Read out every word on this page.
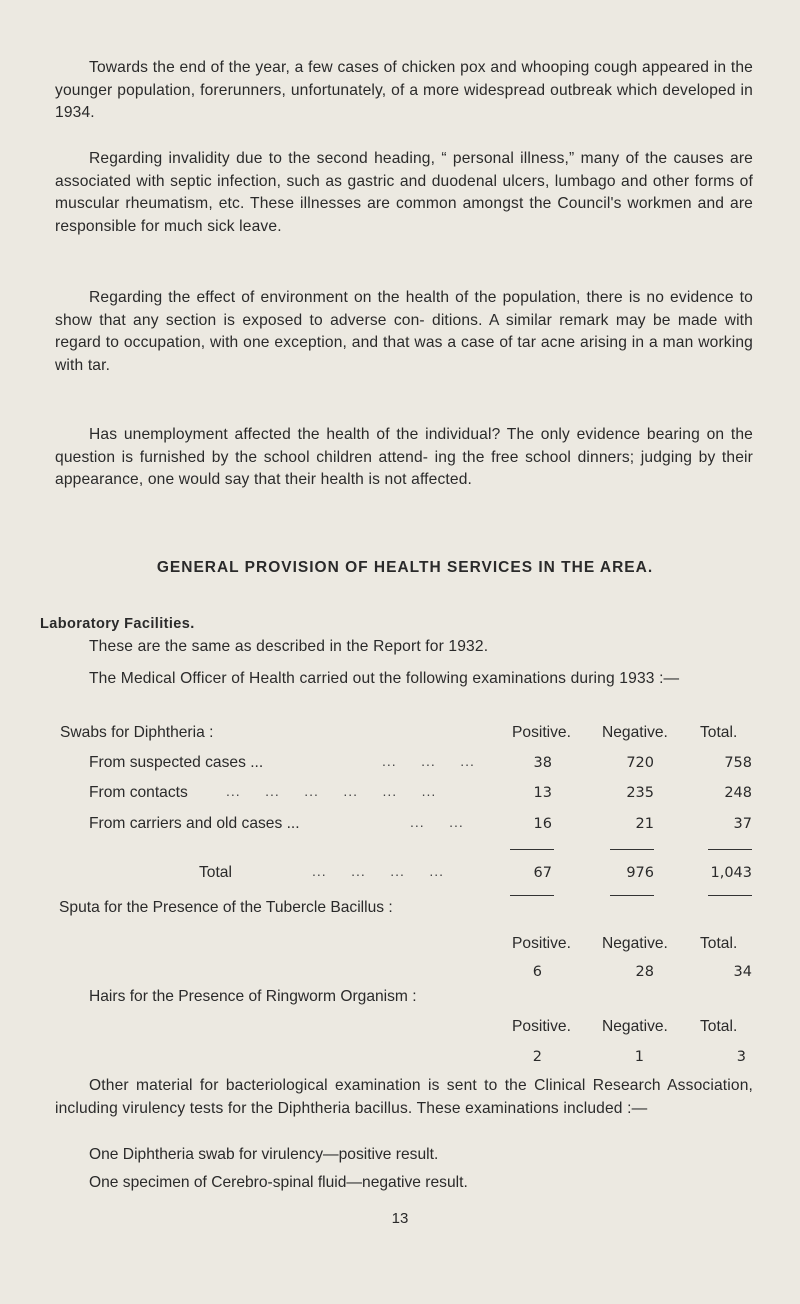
Towards the end of the year, a few cases of chicken pox and whooping cough appeared in the younger population, forerunners, unfortunately, of a more widespread outbreak which developed in 1934.

Regarding invalidity due to the second heading, “ personal illness,” many of the causes are associated with septic infection, such as gastric and duodenal ulcers, lumbago and other forms of muscular rheumatism, etc. These illnesses are common amongst the Council's workmen and are responsible for much sick leave.

Regarding the effect of environment on the health of the population, there is no evidence to show that any section is exposed to adverse con- ditions. A similar remark may be made with regard to occupation, with one exception, and that was a case of tar acne arising in a man working with tar.

Has unemployment affected the health of the individual? The only evidence bearing on the question is furnished by the school children attend- ing the free school dinners; judging by their appearance, one would say that their health is not affected.

GENERAL PROVISION OF HEALTH SERVICES IN THE AREA.

Laboratory Facilities.

These are the same as described in the Report for 1932.

The Medical Officer of Health carried out the following examinations during 1933 :—

Swabs for Diphtheria :	Positive. Negative. Total.
From suspected cases ...	...     ...     ...	38	720	758
From contacts	...     ...     ...     ...     ...     ...	13	235	248
From carriers and old cases ...	...     ...	16	21	37
Total	...     ...     ...     ...	67	976	1,043

Sputa for the Presence of the Tubercle Bacillus :

Positive. Negative. Total.
6	28	34

Hairs for the Presence of Ringworm Organism :

Positive. Negative. Total.
2	1	3

Other material for bacteriological examination is sent to the Clinical Research Association, including virulency tests for the Diphtheria bacillus. These examinations included :—

One Diphtheria swab for virulency—positive result.

One specimen of Cerebro-spinal fluid—negative result.

13
